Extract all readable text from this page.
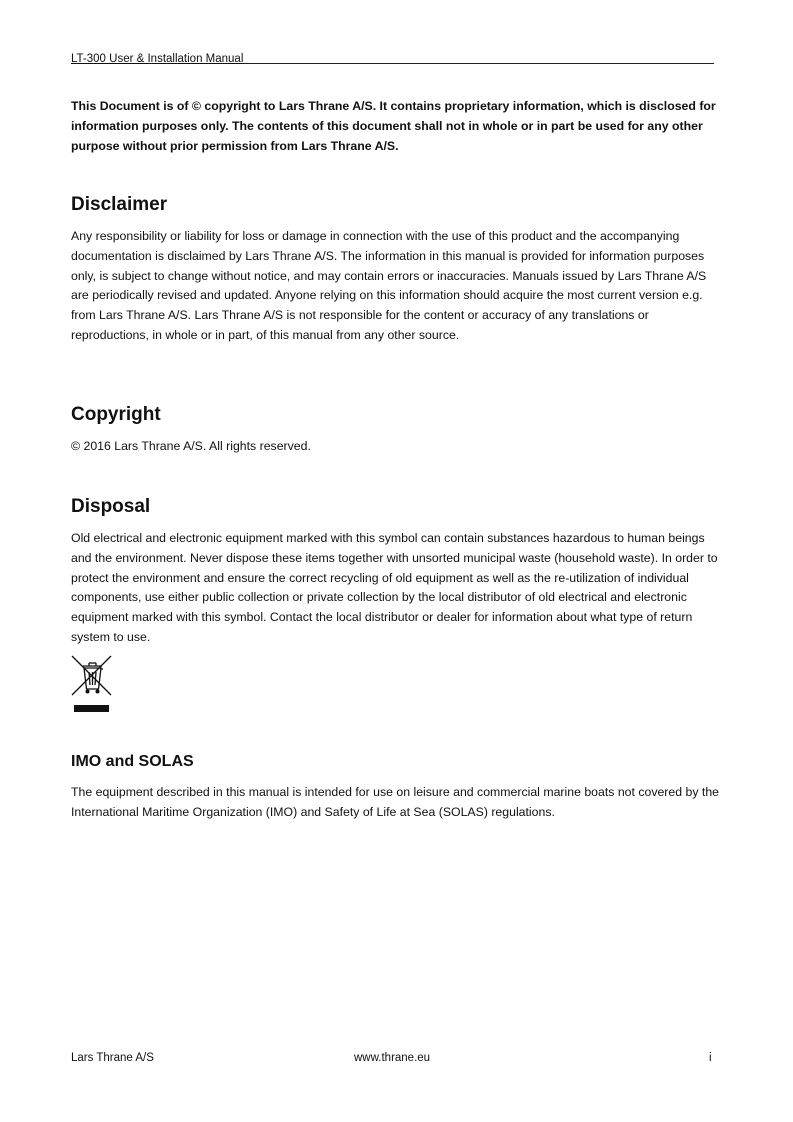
LT-300 User & Installation Manual
This Document is of © copyright to Lars Thrane A/S. It contains proprietary information, which is disclosed for information purposes only. The contents of this document shall not in whole or in part be used for any other purpose without prior permission from Lars Thrane A/S.
Disclaimer
Any responsibility or liability for loss or damage in connection with the use of this product and the accompanying documentation is disclaimed by Lars Thrane A/S. The information in this manual is provided for information purposes only, is subject to change without notice, and may contain errors or inaccuracies. Manuals issued by Lars Thrane A/S are periodically revised and updated. Anyone relying on this information should acquire the most current version e.g. from Lars Thrane A/S. Lars Thrane A/S is not responsible for the content or accuracy of any translations or reproductions, in whole or in part, of this manual from any other source.
Copyright
© 2016 Lars Thrane A/S. All rights reserved.
Disposal
Old electrical and electronic equipment marked with this symbol can contain substances hazardous to human beings and the environment. Never dispose these items together with unsorted municipal waste (household waste). In order to protect the environment and ensure the correct recycling of old equipment as well as the re-utilization of individual components, use either public collection or private collection by the local distributor of old electrical and electronic equipment marked with this symbol. Contact the local distributor or dealer for information about what type of return system to use.
IMO and SOLAS
The equipment described in this manual is intended for use on leisure and commercial marine boats not covered by the International Maritime Organization (IMO) and Safety of Life at Sea (SOLAS) regulations.
Lars Thrane A/S	www.thrane.eu	i
